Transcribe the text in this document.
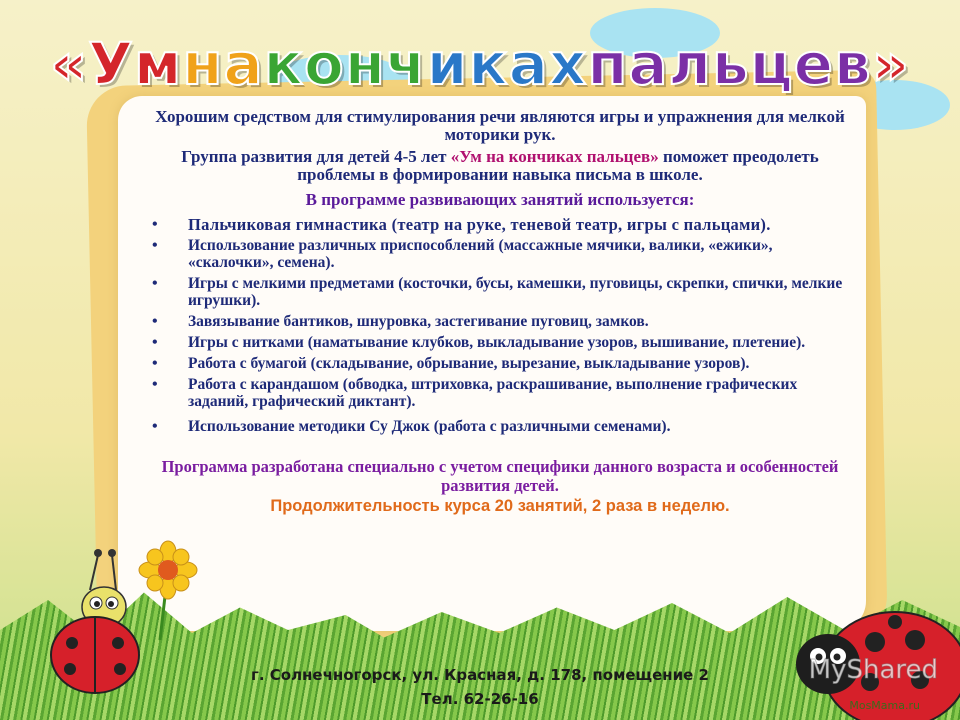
«Умнакончикахпальцев»

Хорошим средством для стимулирования речи являются игры и упражнения для мелкой моторики рук.

Группа развития для детей 4-5 лет «Ум на кончиках пальцев» поможет преодолеть проблемы в формировании навыка письма в школе.

В программе развивающих занятий используется:
• Пальчиковая гимнастика (театр на руке, теневой театр, игры с пальцами).
• Использование различных приспособлений (массажные мячики, валики, «ежики», «скалочки», семена).
• Игры с мелкими предметами (косточки, бусы, камешки, пуговицы, скрепки, спички, мелкие игрушки).
• Завязывание бантиков, шнуровка, застегивание пуговиц, замков.
• Игры с нитками (наматывание клубков, выкладывание узоров, вышивание, плетение).
• Работа с бумагой (складывание, обрывание, вырезание, выкладывание узоров).
• Работа с карандашом (обводка, штриховка, раскрашивание, выполнение графических заданий, графический диктант).
• Использование методики Су Джок (работа с различными семенами).
Программа разработана специально с учетом специфики данного возраста и особенностей развития детей.
Продолжительность курса 20 занятий, 2 раза в неделю.
г. Солнечногорск, ул. Красная, д. 178, помещение 2
Тел. 62-26-16
MyShared
MosMama.ru
